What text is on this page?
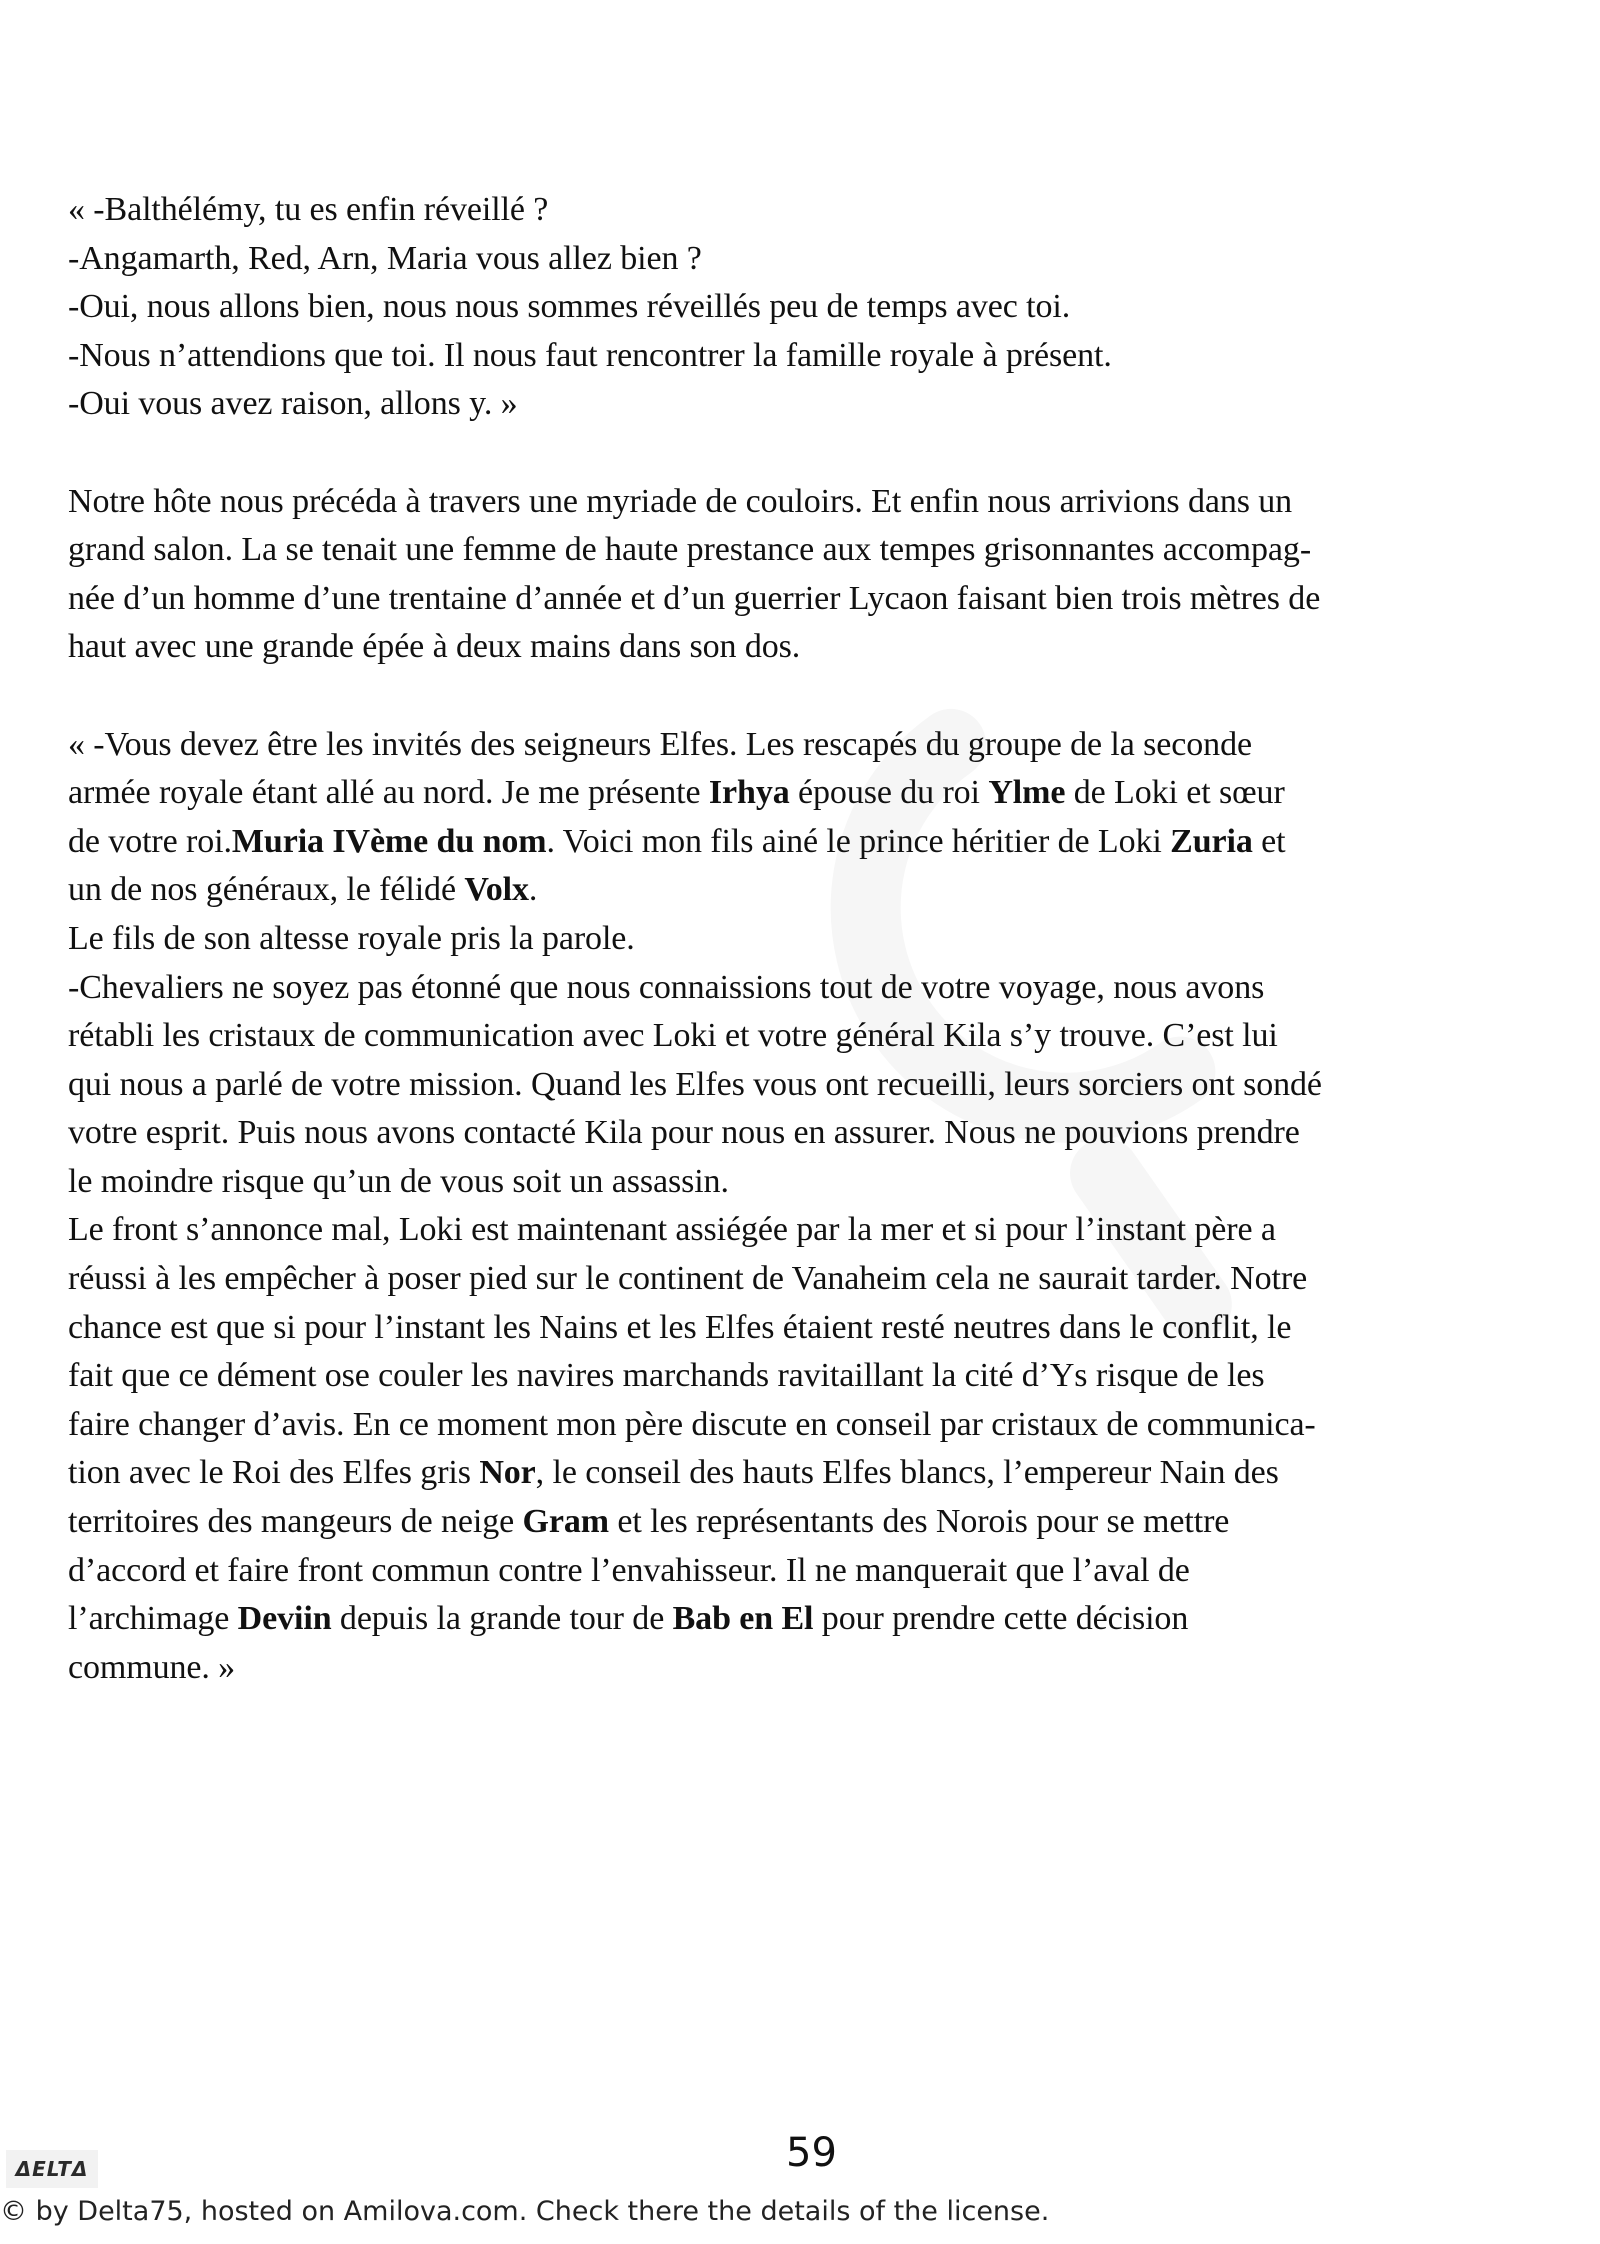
« -Balthélémy, tu es enfin réveillé ?
-Angamarth, Red, Arn, Maria vous allez bien ?
-Oui, nous allons bien, nous nous sommes réveillés peu de temps avec toi.
-Nous n’attendions que toi. Il nous faut rencontrer la famille royale à présent.
-Oui vous avez raison, allons y. »
Notre hôte nous précéda à travers une myriade de couloirs. Et enfin nous arrivions dans un
grand salon. La se tenait une femme de haute prestance aux tempes grisonnantes accompag-
née d’un homme d’une trentaine d’année et d’un guerrier Lycaon faisant bien trois mètres de
haut avec une grande épée à deux mains dans son dos.
« -Vous devez être les invités des seigneurs Elfes. Les rescapés du groupe de la seconde
armée royale étant allé au nord. Je me présente Irhya épouse du roi Ylme de Loki et sœur
de votre roi.Muria IVème du nom. Voici mon fils ainé le prince héritier de Loki Zuria et
un de nos généraux, le félidé Volx.
Le fils de son altesse royale pris la parole.
-Chevaliers ne soyez pas étonné que nous connaissions tout de votre voyage, nous avons
rétabli les cristaux de communication avec Loki et votre général Kila s’y trouve. C’est lui
qui nous a parlé de votre mission. Quand les Elfes vous ont recueilli, leurs sorciers ont sondé
votre esprit. Puis nous avons contacté Kila pour nous en assurer. Nous ne pouvions prendre
le moindre risque qu’un de vous soit un assassin.
Le front s’annonce mal, Loki est maintenant assiégée par la mer et si pour l’instant père a
réussi à les empêcher à poser pied sur le continent de Vanaheim cela ne saurait tarder. Notre
chance est que si pour l’instant les Nains et les Elfes étaient resté neutres dans le conflit, le
fait que ce dément ose couler les navires marchands ravitaillant la cité d’Ys risque de les
faire changer d’avis. En ce moment mon père discute en conseil par cristaux de communica-
tion avec le Roi des Elfes gris Nor, le conseil des hauts Elfes blancs, l’empereur Nain des
territoires des mangeurs de neige Gram et les représentants des Norois pour se mettre
d’accord et faire front commun contre l’envahisseur. Il ne manquerait que l’aval de
l’archimage Deviin depuis la grande tour de Bab en El pour prendre cette décision
commune. »
ΔELTΔ	59
© by Delta75, hosted on Amilova.com. Check there the details of the license.
